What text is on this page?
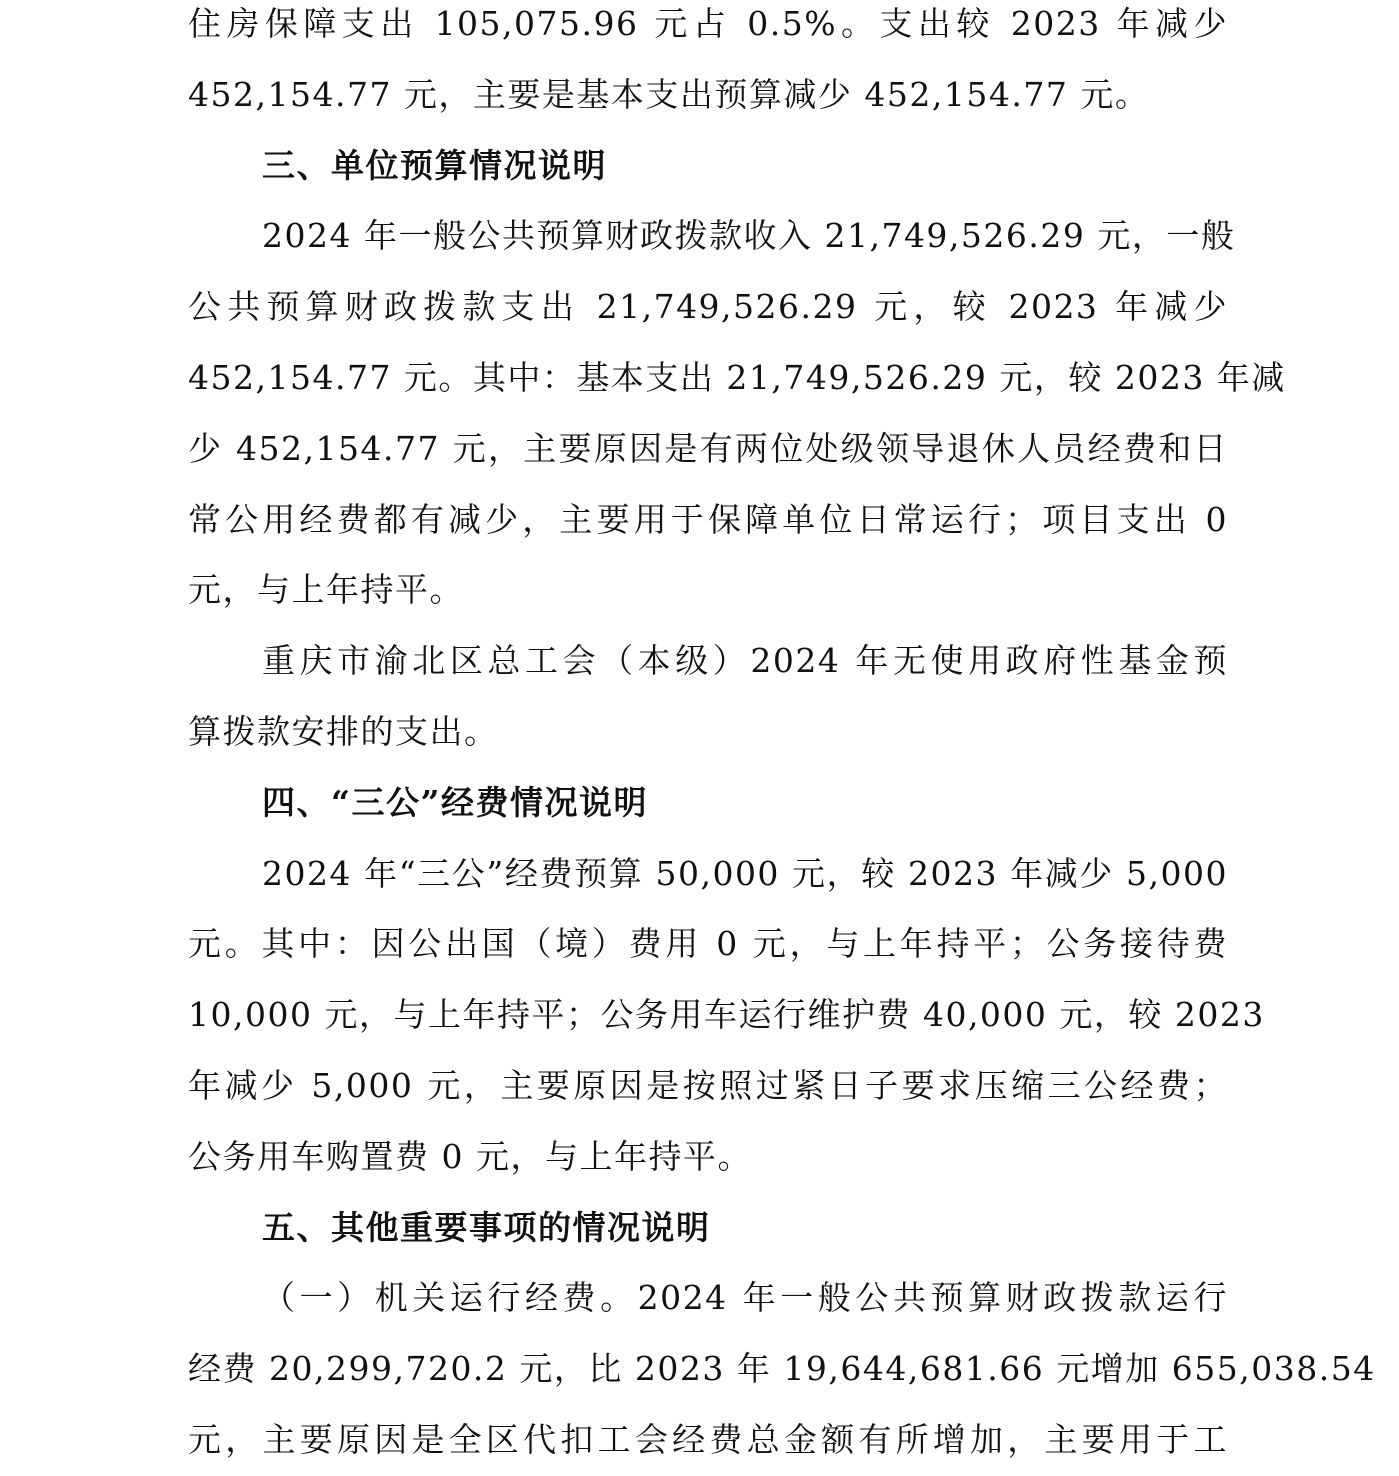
住房保障支出 105,075.96 元占 0.5%。支出较 2023 年减少
452,154.77 元，主要是基本支出预算减少 452,154.77 元。
三、单位预算情况说明
2024 年一般公共预算财政拨款收入 21,749,526.29 元，一般
公共预算财政拨款支出 21,749,526.29 元，较 2023 年减少
452,154.77 元。其中：基本支出 21,749,526.29 元，较 2023 年减
少 452,154.77 元，主要原因是有两位处级领导退休人员经费和日
常公用经费都有减少，主要用于保障单位日常运行；项目支出 0
元，与上年持平。
重庆市渝北区总工会（本级）2024 年无使用政府性基金预
算拨款安排的支出。
四、“三公”经费情况说明
2024 年“三公”经费预算 50,000 元，较 2023 年减少 5,000
元。其中：因公出国（境）费用 0 元，与上年持平；公务接待费
10,000 元，与上年持平；公务用车运行维护费 40,000 元，较 2023
年减少 5,000 元，主要原因是按照过紧日子要求压缩三公经费；
公务用车购置费 0 元，与上年持平。
五、其他重要事项的情况说明
（一）机关运行经费。2024 年一般公共预算财政拨款运行
经费 20,299,720.2 元，比 2023 年 19,644,681.66 元增加 655,038.54
元，主要原因是全区代扣工会经费总金额有所增加，主要用于工
